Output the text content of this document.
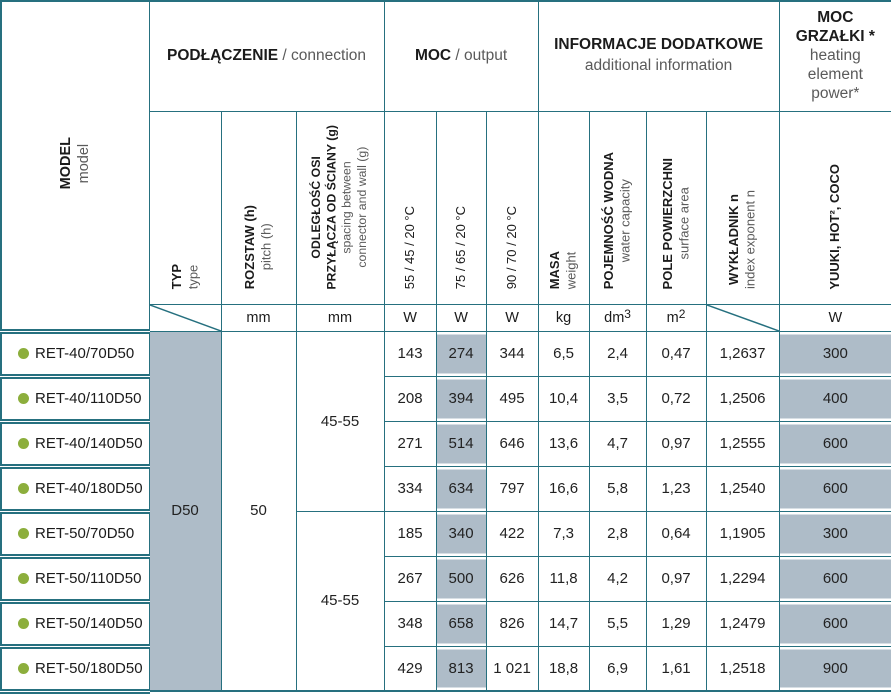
MODEL model
	PODŁĄCZENIE / connection	MOC / output	
INFORMACJE DODATKOWE
additional information

MOC
GRZAŁKI *
heating
element
power*

	TYP type	ROZSTAW (h) pitch (h)	ODLEGŁOŚĆ OSI PRZYŁĄCZA OD ŚCIANY (g) spacing between connector and wall (g)	55 / 45 / 20 °C	75 / 65 / 20 °C	90 / 70 / 20 °C	MASA weight	POJEMNOŚĆ WODNA water capacity	POLE POWIERZCHNI surface area	WYKŁADNIK n index exponent n	YUUKI, HOT², COCO

	mm	mm	W	W	W	kg	$dm^3$	$m^2$		W

RET-40/70D50	D50	50	45-55	143	274	344	6,5	2,4	0,47	1,2637	300

RET-40/110D50				208	394	495	10,4	3,5	0,72	1,2506	400

RET-40/140D50				271	514	646	13,6	4,7	0,97	1,2555	600

RET-40/180D50				334	634	797	16,6	5,8	1,23	1,2540	600

RET-50/70D50			45-55	185	340	422	7,3	2,8	0,64	1,1905	300

RET-50/110D50				267	500	626	11,8	4,2	0,97	1,2294	600

RET-50/140D50				348	658	826	14,7	5,5	1,29	1,2479	600

RET-50/180D50				429	813	1 021	18,8	6,9	1,61	1,2518	900
